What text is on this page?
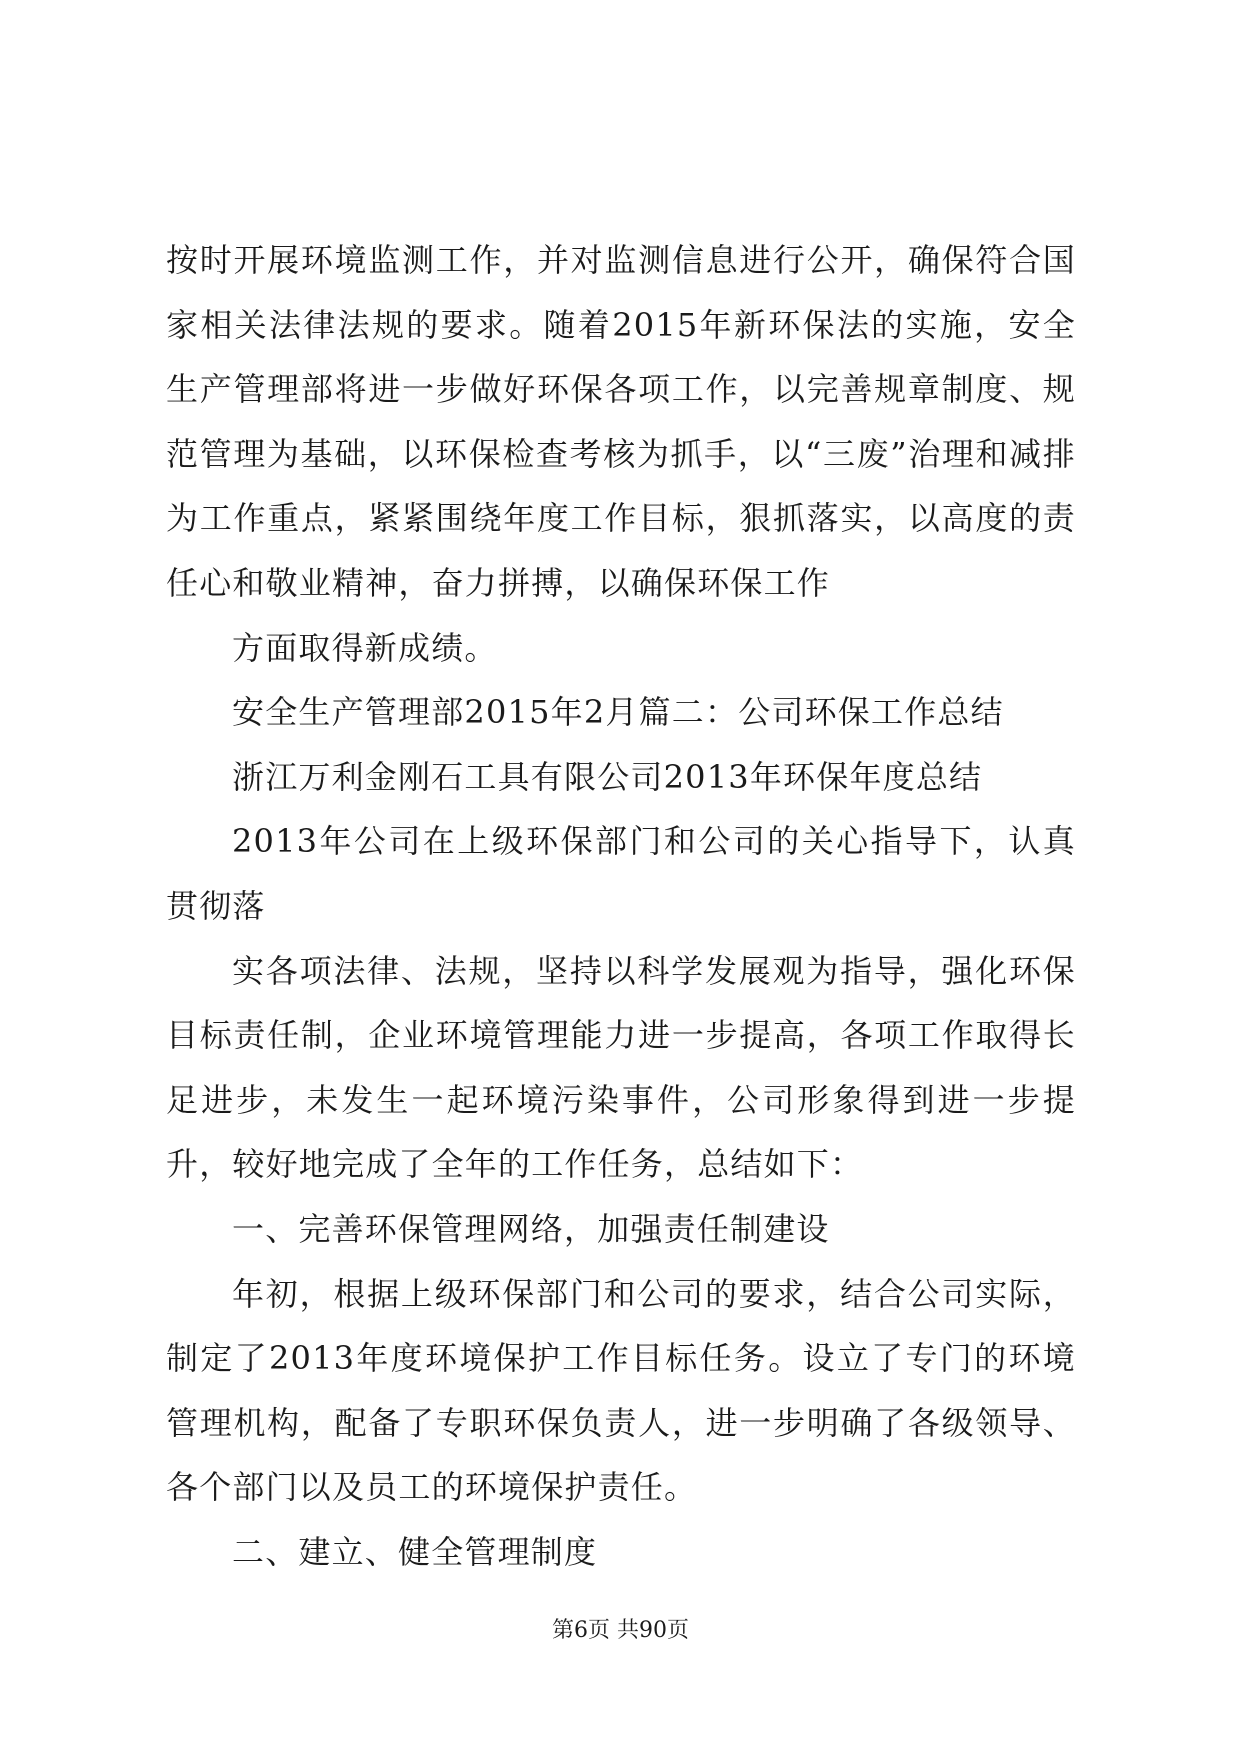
按时开展环境监测工作，并对监测信息进行公开，确保符合国家相关法律法规的要求。随着2015年新环保法的实施，安全生产管理部将进一步做好环保各项工作，以完善规章制度、规范管理为基础，以环保检查考核为抓手，以“三废”治理和减排为工作重点，紧紧围绕年度工作目标，狠抓落实，以高度的责任心和敬业精神，奋力拼搏，以确保环保工作

方面取得新成绩。

安全生产管理部2015年2月篇二：公司环保工作总结

浙江万利金刚石工具有限公司2013年环保年度总结

2013年公司在上级环保部门和公司的关心指导下，认真贯彻落

实各项法律、法规，坚持以科学发展观为指导，强化环保目标责任制，企业环境管理能力进一步提高，各项工作取得长足进步，未发生一起环境污染事件，公司形象得到进一步提升，较好地完成了全年的工作任务，总结如下：

一、完善环保管理网络，加强责任制建设

年初，根据上级环保部门和公司的要求，结合公司实际，制定了2013年度环境保护工作目标任务。设立了专门的环境管理机构，配备了专职环保负责人，进一步明确了各级领导、各个部门以及员工的环境保护责任。

二、建立、健全管理制度

第6页 共90页
